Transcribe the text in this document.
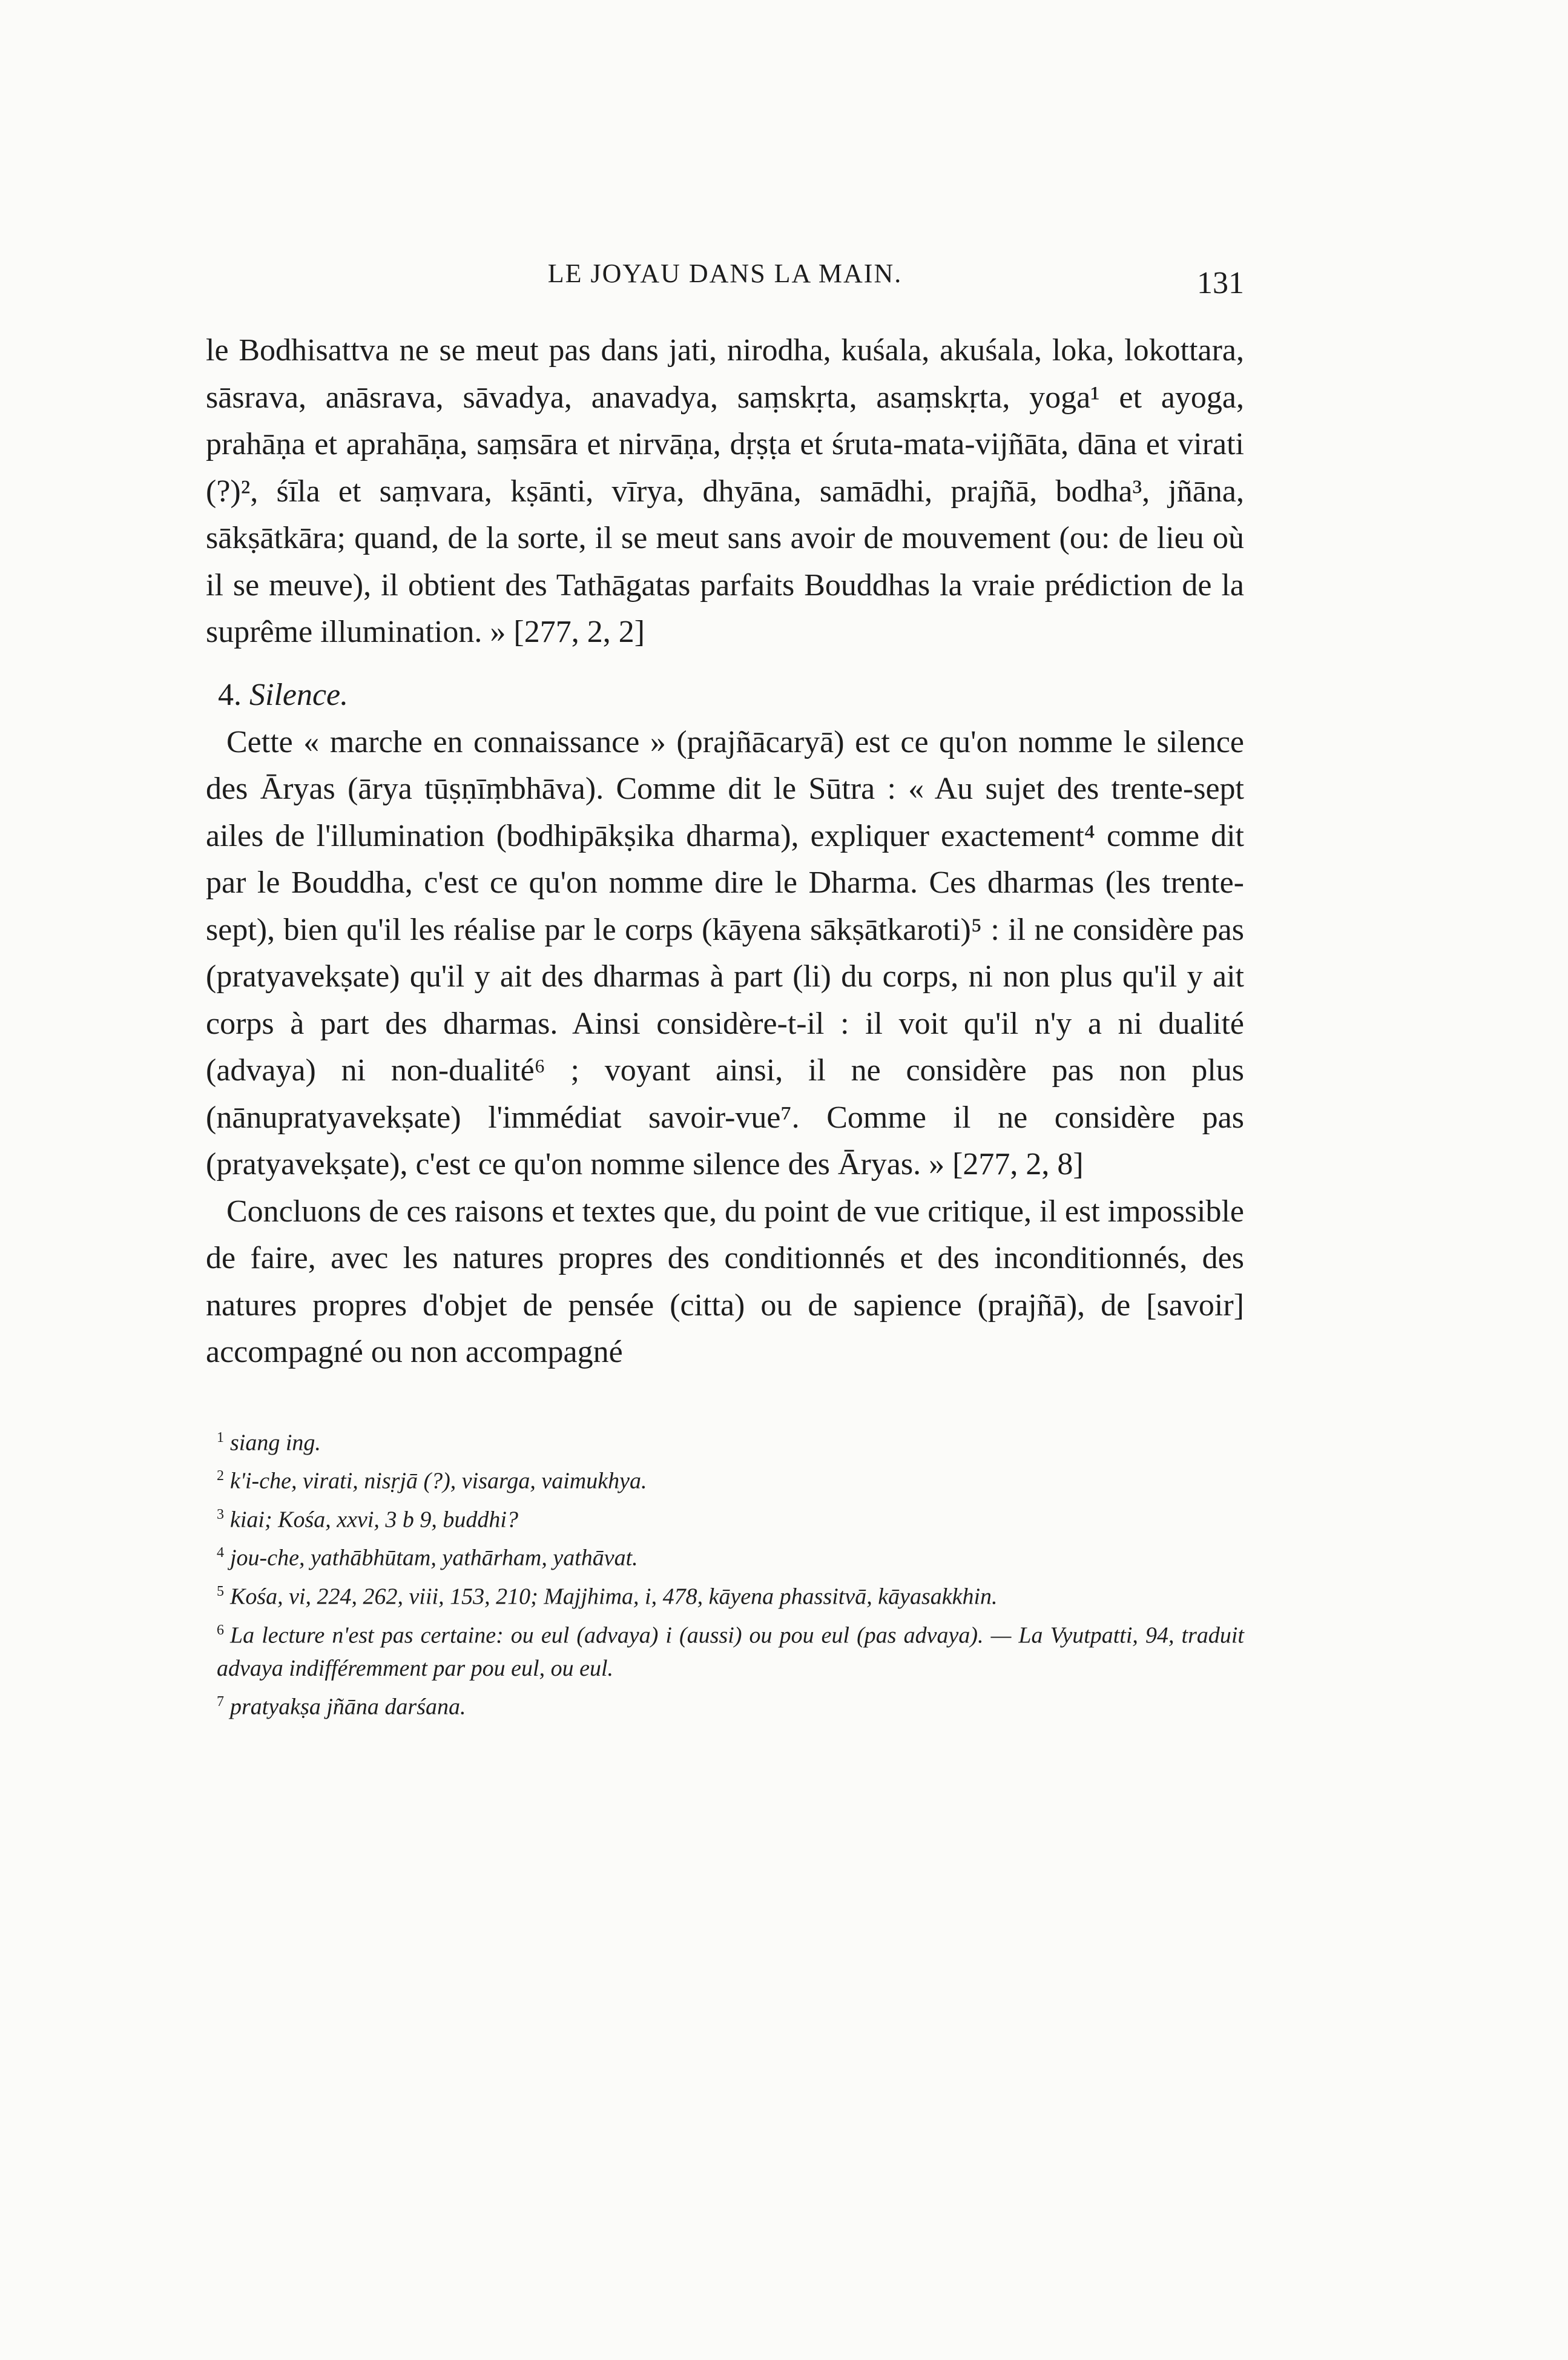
LE JOYAU DANS LA MAIN.	131

le Bodhisattva ne se meut pas dans jati, nirodha, kuśala, akuśala, loka, lokottara, sāsrava, anāsrava, sāvadya, anavadya, saṃskṛta, asaṃskṛta, yoga¹ et ayoga, prahāṇa et aprahāṇa, saṃsāra et nirvāṇa, dṛṣṭa et śruta-mata-vijñāta, dāna et virati (?)², śīla et saṃvara, kṣānti, vīrya, dhyāna, samādhi, prajñā, bodha³, jñāna, sākṣātkāra; quand, de la sorte, il se meut sans avoir de mouvement (ou: de lieu où il se meuve), il obtient des Tathāgatas parfaits Bouddhas la vraie prédiction de la suprême illumination. » [277, 2, 2]

4. Silence.

Cette « marche en connaissance » (prajñācaryā) est ce qu'on nomme le silence des Āryas (ārya tūṣṇīṃbhāva). Comme dit le Sūtra : « Au sujet des trente-sept ailes de l'illumination (bodhipākṣika dharma), expliquer exactement⁴ comme dit par le Bouddha, c'est ce qu'on nomme dire le Dharma. Ces dharmas (les trente-sept), bien qu'il les réalise par le corps (kāyena sākṣātkaroti)⁵ : il ne considère pas (pratyavekṣate) qu'il y ait des dharmas à part (li) du corps, ni non plus qu'il y ait corps à part des dharmas. Ainsi considère-t-il : il voit qu'il n'y a ni dualité (advaya) ni non-dualité⁶ ; voyant ainsi, il ne considère pas non plus (nānupratyavekṣate) l'immédiat savoir-vue⁷. Comme il ne considère pas (pratyavekṣate), c'est ce qu'on nomme silence des Āryas. » [277, 2, 8]

Concluons de ces raisons et textes que, du point de vue critique, il est impossible de faire, avec les natures propres des conditionnés et des inconditionnés, des natures propres d'objet de pensée (citta) ou de sapience (prajñā), de [savoir] accompagné ou non accompagné

$^1$ siang ing.
$^2$ k'i-che, virati, nisṛjā (?), visarga, vaimukhya.
$^3$ kiai; Kośa, xxvi, 3 b 9, buddhi?
$^4$ jou-che, yathābhūtam, yathārham, yathāvat.
$^5$ Kośa, vi, 224, 262, viii, 153, 210; Majjhima, i, 478, kāyena phassitvā, kāyasakkhin.
$^6$ La lecture n'est pas certaine: ou eul (advaya) i (aussi) ou pou eul (pas advaya). — La Vyutpatti, 94, traduit advaya indifféremment par pou eul, ou eul.
$^7$ pratyakṣa jñāna darśana.
